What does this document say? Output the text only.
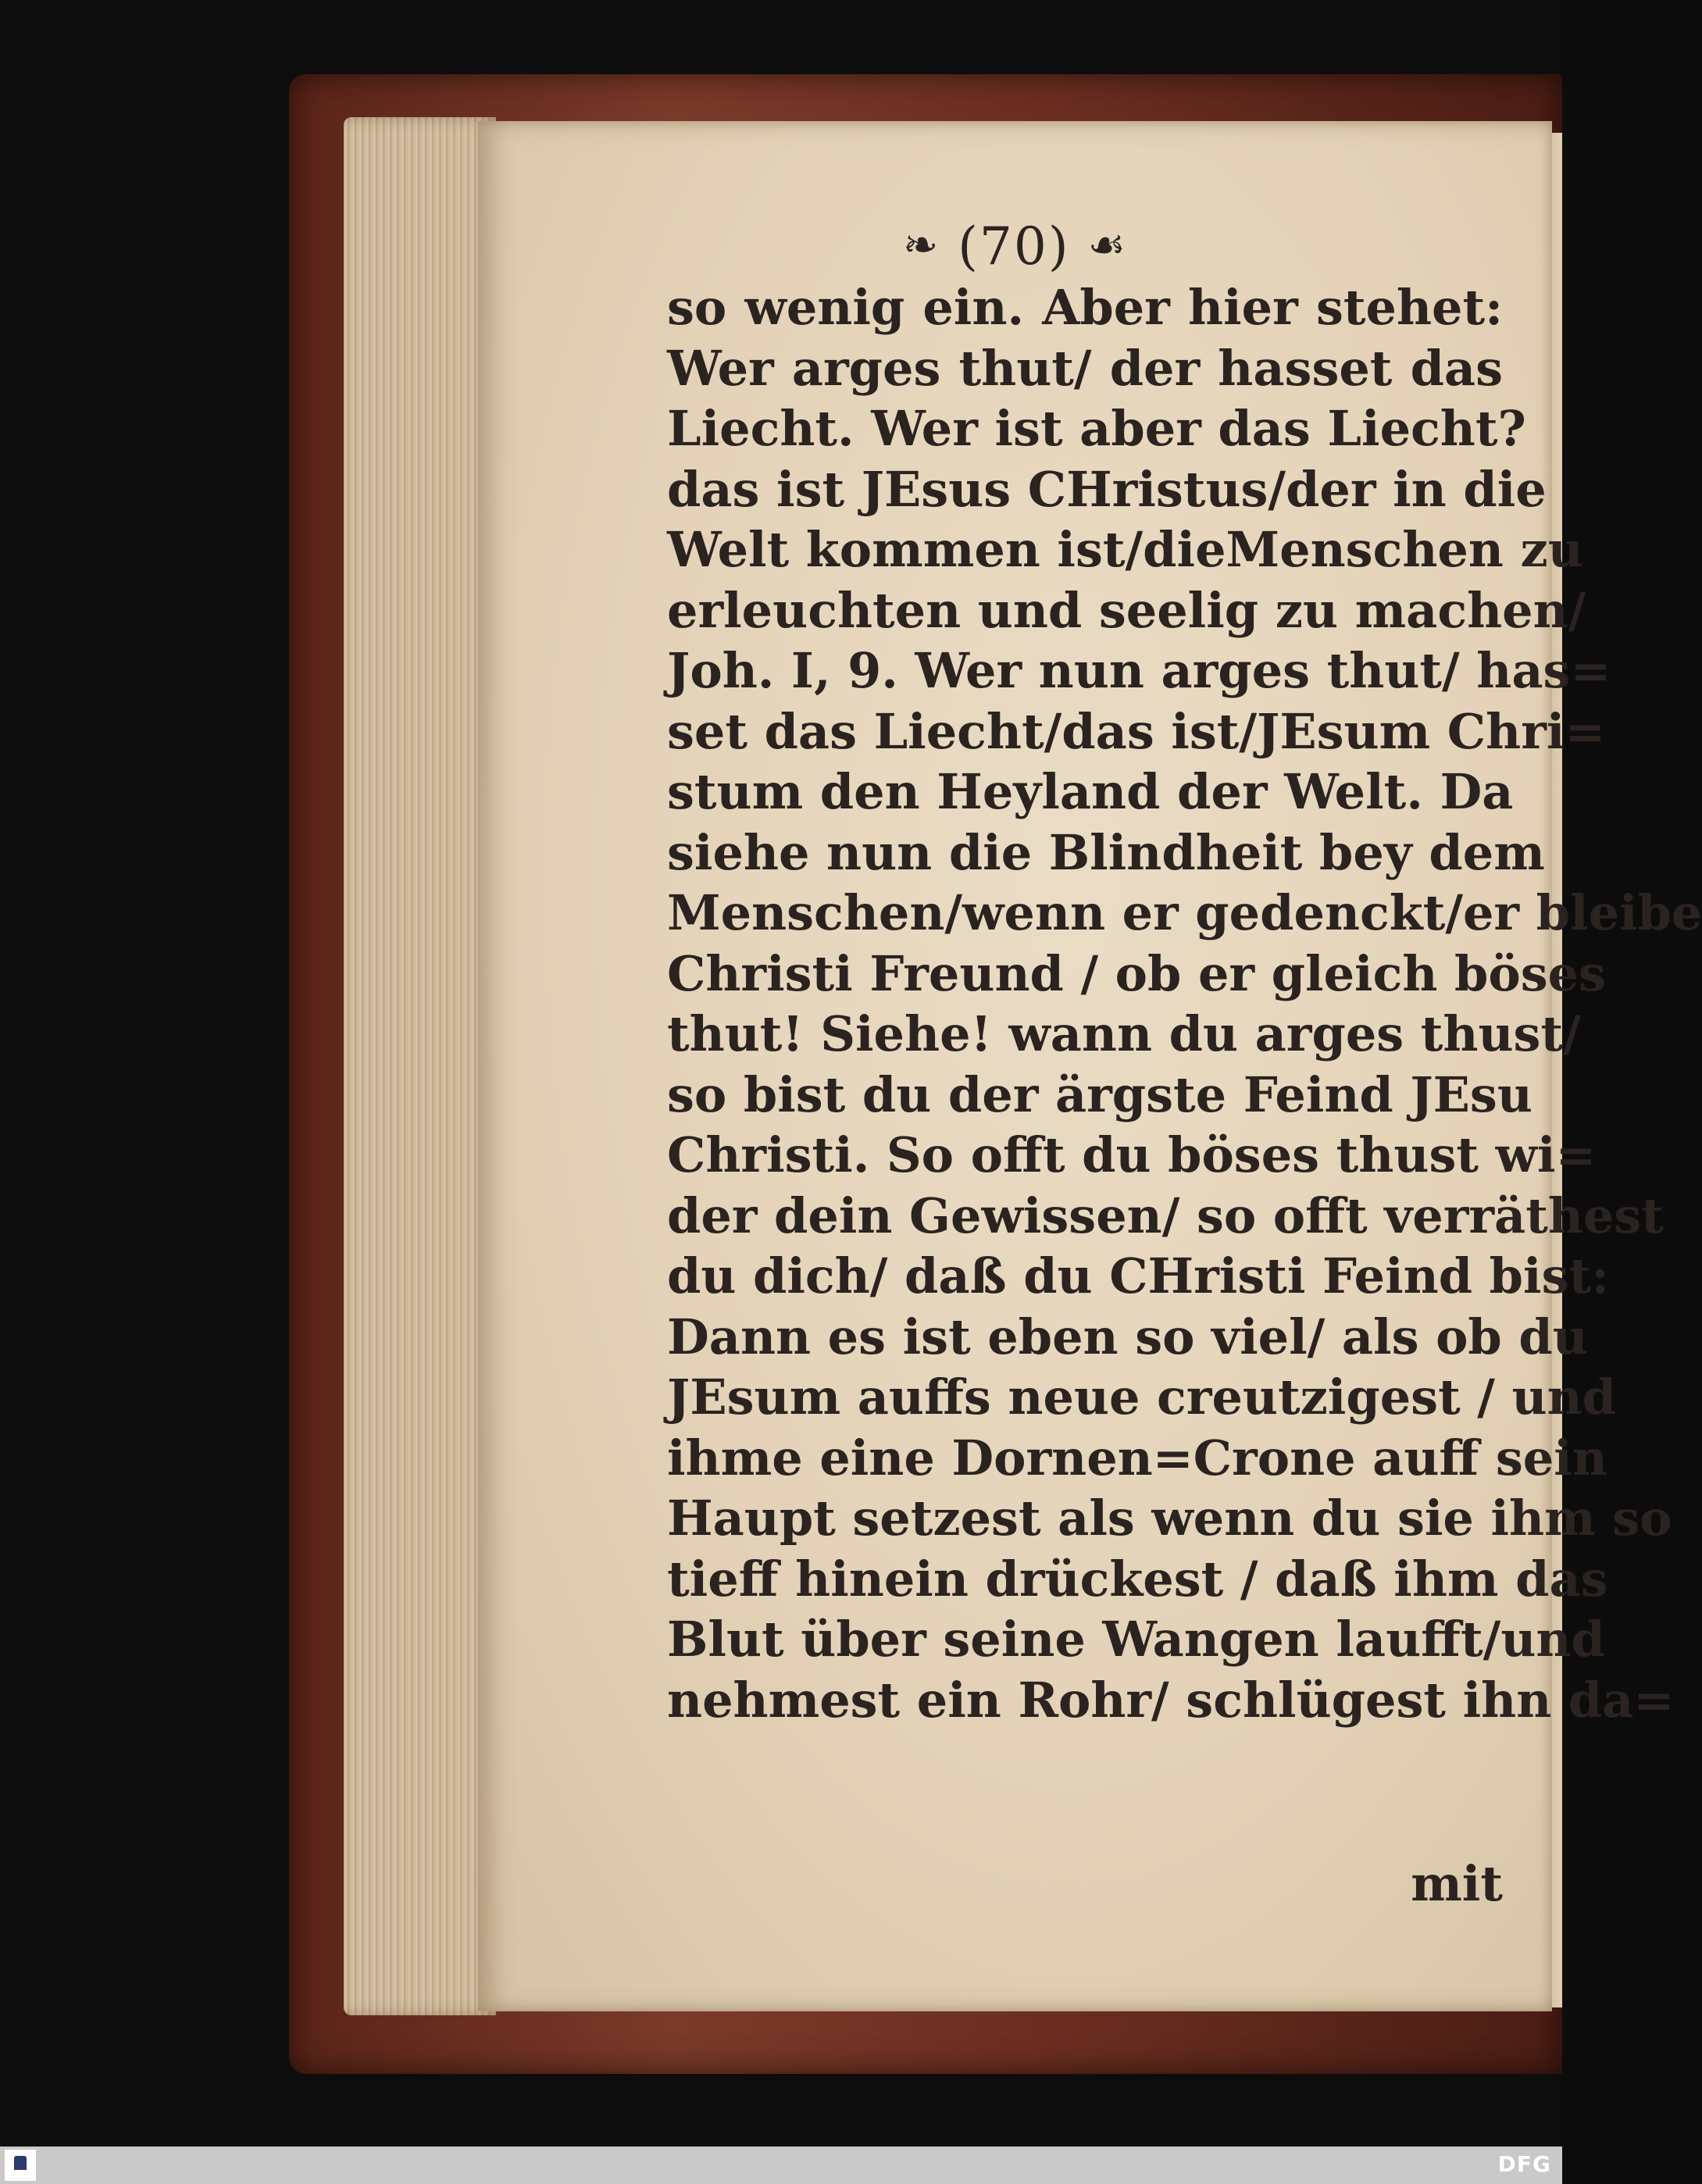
❧ (70) ☙
so wenig ein. Aber hier stehet:
Wer arges thut/ der hasset das
Liecht. Wer ist aber das Liecht?
das ist JEsus CHristus/der in die
Welt kommen ist/dieMenschen zu
erleuchten und seelig zu machen/
Joh. I, 9. Wer nun arges thut/ has=
set das Liecht/das ist/JEsum Chri=
stum den Heyland der Welt. Da
siehe nun die Blindheit bey dem
Menschen/wenn er gedenckt/er bleibe
Christi Freund / ob er gleich böses
thut! Siehe! wann du arges thust/
so bist du der ärgste Feind JEsu
Christi. So offt du böses thust wi=
der dein Gewissen/ so offt verräthest
du dich/ daß du CHristi Feind bist:
Dann es ist eben so viel/ als ob du
JEsum auffs neue creutzigest / und
ihme eine Dornen=Crone auff sein
Haupt setzest als wenn du sie ihm so
tieff hinein drückest / daß ihm das
Blut über seine Wangen laufft/und
nehmest ein Rohr/ schlügest ihn da=
mit
DFG
